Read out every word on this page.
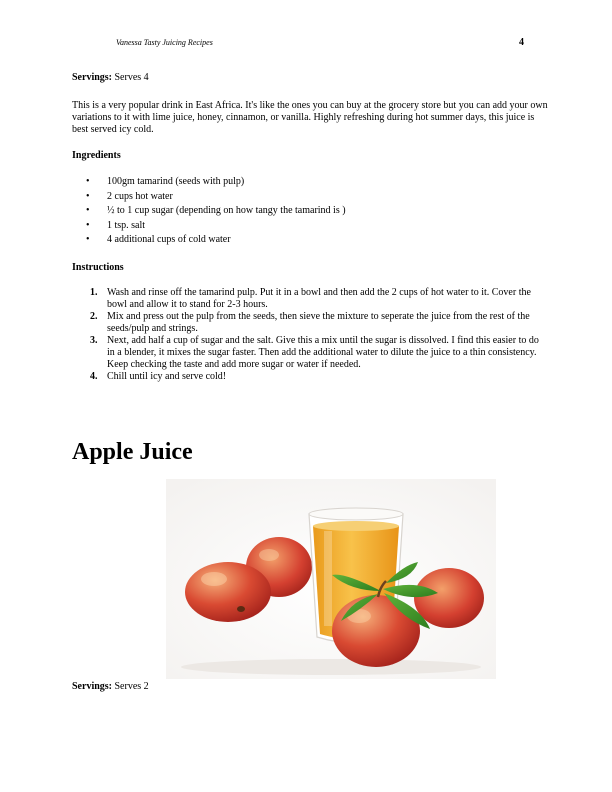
Vanessa Tasty Juicing Recipes	4
Servings: Serves 4

This is a very popular drink in East Africa. It's like the ones you can buy at the grocery store but you can add your own variations to it with lime juice, honey, cinnamon, or vanilla. Highly refreshing during hot summer days, this juice is best served icy cold.

Ingredients
• 100gm tamarind (seeds with pulp)
• 2 cups hot water
• ½ to 1 cup sugar (depending on how tangy the tamarind is )
• 1 tsp. salt
• 4 additional cups of cold water
Instructions
1. Wash and rinse off the tamarind pulp. Put it in a bowl and then add the 2 cups of hot water to it. Cover the bowl and allow it to stand for 2-3 hours.
2. Mix and press out the pulp from the seeds, then sieve the mixture to seperate the juice from the rest of the seeds/pulp and strings.
3. Next, add half a cup of sugar and the salt. Give this a mix until the sugar is dissolved. I find this easier to do in a blender, it mixes the sugar faster. Then add the additional water to dilute the juice to a thin consistency. Keep checking the taste and add more sugar or water if needed.
4. Chill until icy and serve cold!
Apple Juice
Servings: Serves 2
